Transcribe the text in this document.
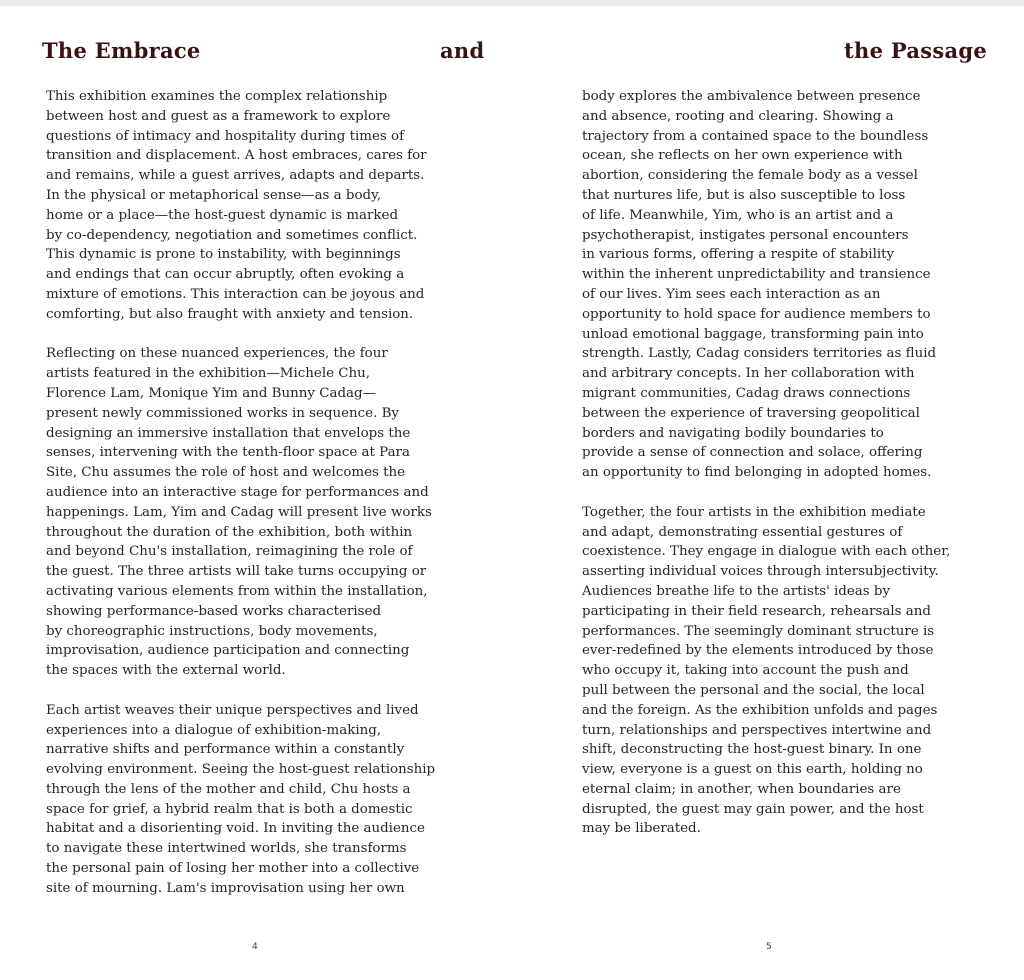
The Embrace	and	the Passage
This exhibition examines the complex relationship
between host and guest as a framework to explore
questions of intimacy and hospitality during times of
transition and displacement. A host embraces, cares for
and remains, while a guest arrives, adapts and departs.
In the physical or metaphorical sense—as a body,
home or a place—the host-guest dynamic is marked
by co-dependency, negotiation and sometimes conflict.
This dynamic is prone to instability, with beginnings
and endings that can occur abruptly, often evoking a
mixture of emotions. This interaction can be joyous and
comforting, but also fraught with anxiety and tension.
Reflecting on these nuanced experiences, the four
artists featured in the exhibition—Michele Chu,
Florence Lam, Monique Yim and Bunny Cadag—
present newly commissioned works in sequence. By
designing an immersive installation that envelops the
senses, intervening with the tenth-floor space at Para
Site, Chu assumes the role of host and welcomes the
audience into an interactive stage for performances and
happenings. Lam, Yim and Cadag will present live works
throughout the duration of the exhibition, both within
and beyond Chu's installation, reimagining the role of
the guest. The three artists will take turns occupying or
activating various elements from within the installation,
showing performance-based works characterised
by choreographic instructions, body movements,
improvisation, audience participation and connecting
the spaces with the external world.
Each artist weaves their unique perspectives and lived
experiences into a dialogue of exhibition-making,
narrative shifts and performance within a constantly
evolving environment. Seeing the host-guest relationship
through the lens of the mother and child, Chu hosts a
space for grief, a hybrid realm that is both a domestic
habitat and a disorienting void. In inviting the audience
to navigate these intertwined worlds, she transforms
the personal pain of losing her mother into a collective
site of mourning. Lam's improvisation using her own
body explores the ambivalence between presence
and absence, rooting and clearing. Showing a
trajectory from a contained space to the boundless
ocean, she reflects on her own experience with
abortion, considering the female body as a vessel
that nurtures life, but is also susceptible to loss
of life. Meanwhile, Yim, who is an artist and a
psychotherapist, instigates personal encounters
in various forms, offering a respite of stability
within the inherent unpredictability and transience
of our lives. Yim sees each interaction as an
opportunity to hold space for audience members to
unload emotional baggage, transforming pain into
strength. Lastly, Cadag considers territories as fluid
and arbitrary concepts. In her collaboration with
migrant communities, Cadag draws connections
between the experience of traversing geopolitical
borders and navigating bodily boundaries to
provide a sense of connection and solace, offering
an opportunity to find belonging in adopted homes.
Together, the four artists in the exhibition mediate
and adapt, demonstrating essential gestures of
coexistence. They engage in dialogue with each other,
asserting individual voices through intersubjectivity.
Audiences breathe life to the artists' ideas by
participating in their field research, rehearsals and
performances. The seemingly dominant structure is
ever-redefined by the elements introduced by those
who occupy it, taking into account the push and
pull between the personal and the social, the local
and the foreign. As the exhibition unfolds and pages
turn, relationships and perspectives intertwine and
shift, deconstructing the host-guest binary. In one
view, everyone is a guest on this earth, holding no
eternal claim; in another, when boundaries are
disrupted, the guest may gain power, and the host
may be liberated.
4	5
